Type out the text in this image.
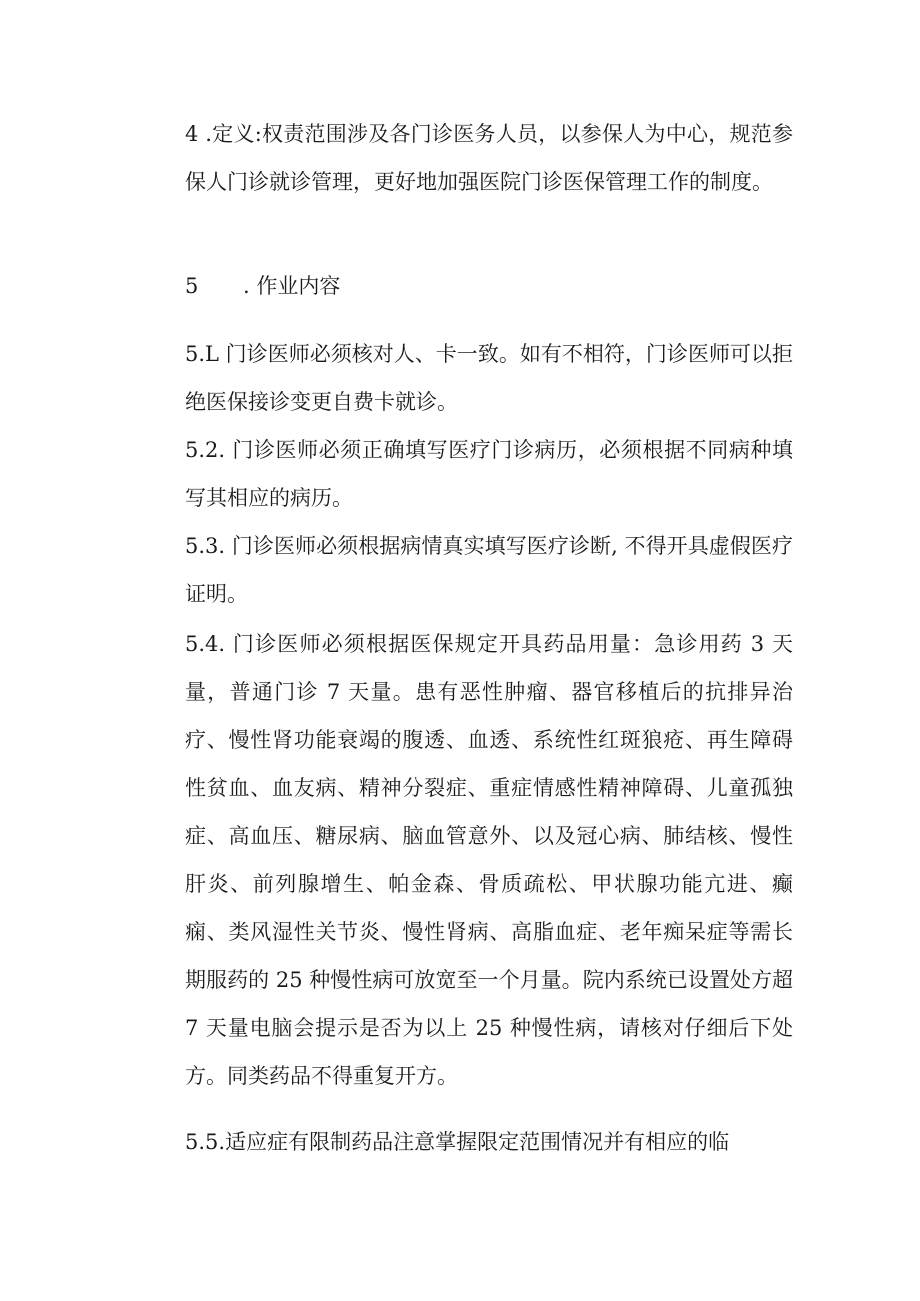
4 .定义:权责范围涉及各门诊医务人员，以参保人为中心，规范参保人门诊就诊管理，更好地加强医院门诊医保管理工作的制度。
5 . 作业内容
5.L 门诊医师必须核对人、卡一致。如有不相符，门诊医师可以拒绝医保接诊变更自费卡就诊。
5.2. 门诊医师必须正确填写医疗门诊病历，必须根据不同病种填写其相应的病历。
5.3. 门诊医师必须根据病情真实填写医疗诊断, 不得开具虚假医疗证明。
5.4. 门诊医师必须根据医保规定开具药品用量：急诊用药 3 天量，普通门诊 7 天量。患有恶性肿瘤、器官移植后的抗排异治疗、慢性肾功能衰竭的腹透、血透、系统性红斑狼疮、再生障碍性贫血、血友病、精神分裂症、重症情感性精神障碍、儿童孤独症、高血压、糖尿病、脑血管意外、以及冠心病、肺结核、慢性肝炎、前列腺增生、帕金森、骨质疏松、甲状腺功能亢进、癫痫、类风湿性关节炎、慢性肾病、高脂血症、老年痴呆症等需长期服药的 25 种慢性病可放宽至一个月量。院内系统已设置处方超 7 天量电脑会提示是否为以上 25 种慢性病，请核对仔细后下处方。同类药品不得重复开方。
5.5.适应症有限制药品注意掌握限定范围情况并有相应的临
